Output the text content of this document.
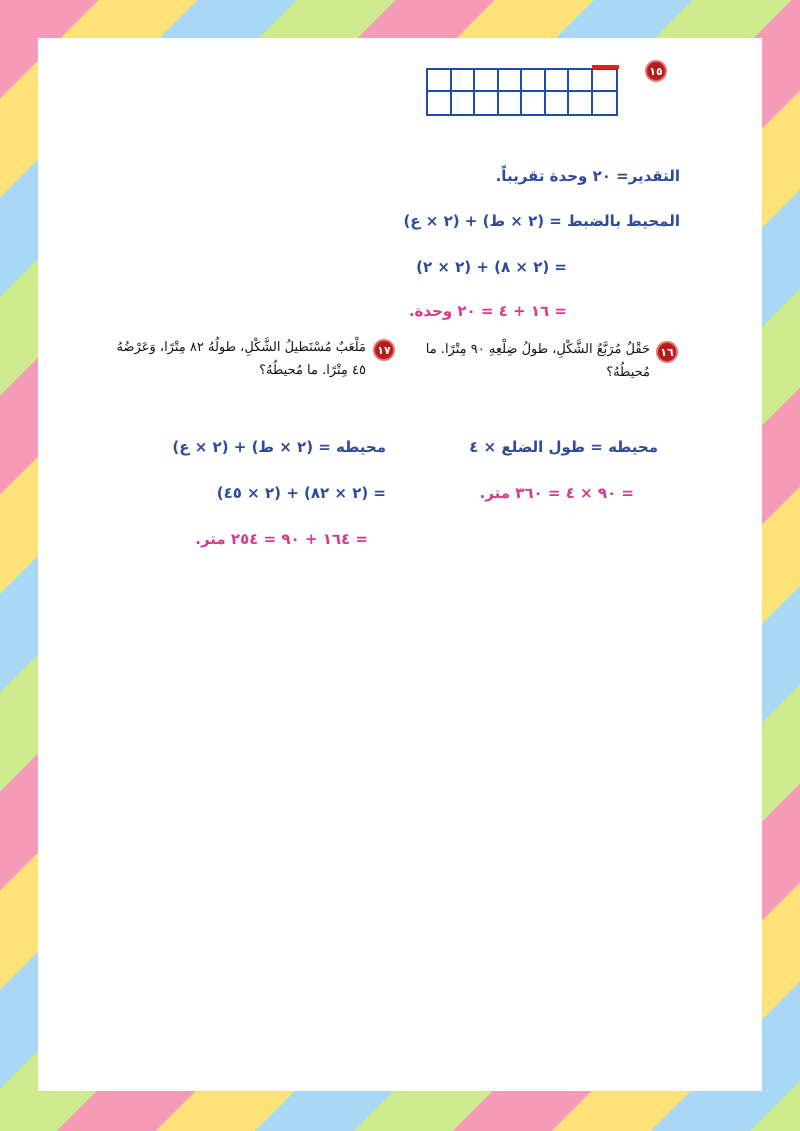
١٥
التقدير= ٢٠ وحدة تقريباً.
المحيط بالضبط = (٢ × ط) + (٢ × ع)
= (٢ × ٨) + (٢ × ٢)
= ١٦ + ٤ = ٢٠ وحدة.
١٦
حَقْلٌ مُرَبَّعُ الشَّكْلِ، طولُ ضِلْعِهِ ٩٠ مِتْرًا. ما مُحيطُهُ؟
١٧
مَلْعَبٌ مُسْتَطيلُ الشَّكْلِ، طولُهُ ٨٢ مِتْرًا، وَعَرْضُهُ ٤٥ مِتْرًا. ما مُحيطُهُ؟
محيطه = طول الضلع × ٤
= ٩٠ × ٤ = ٣٦٠ متر.
محيطه = (٢ × ط) + (٢ × ع)
= (٢ × ٨٢) + (٢ × ٤٥)
= ١٦٤ + ٩٠ = ٢٥٤ متر.
